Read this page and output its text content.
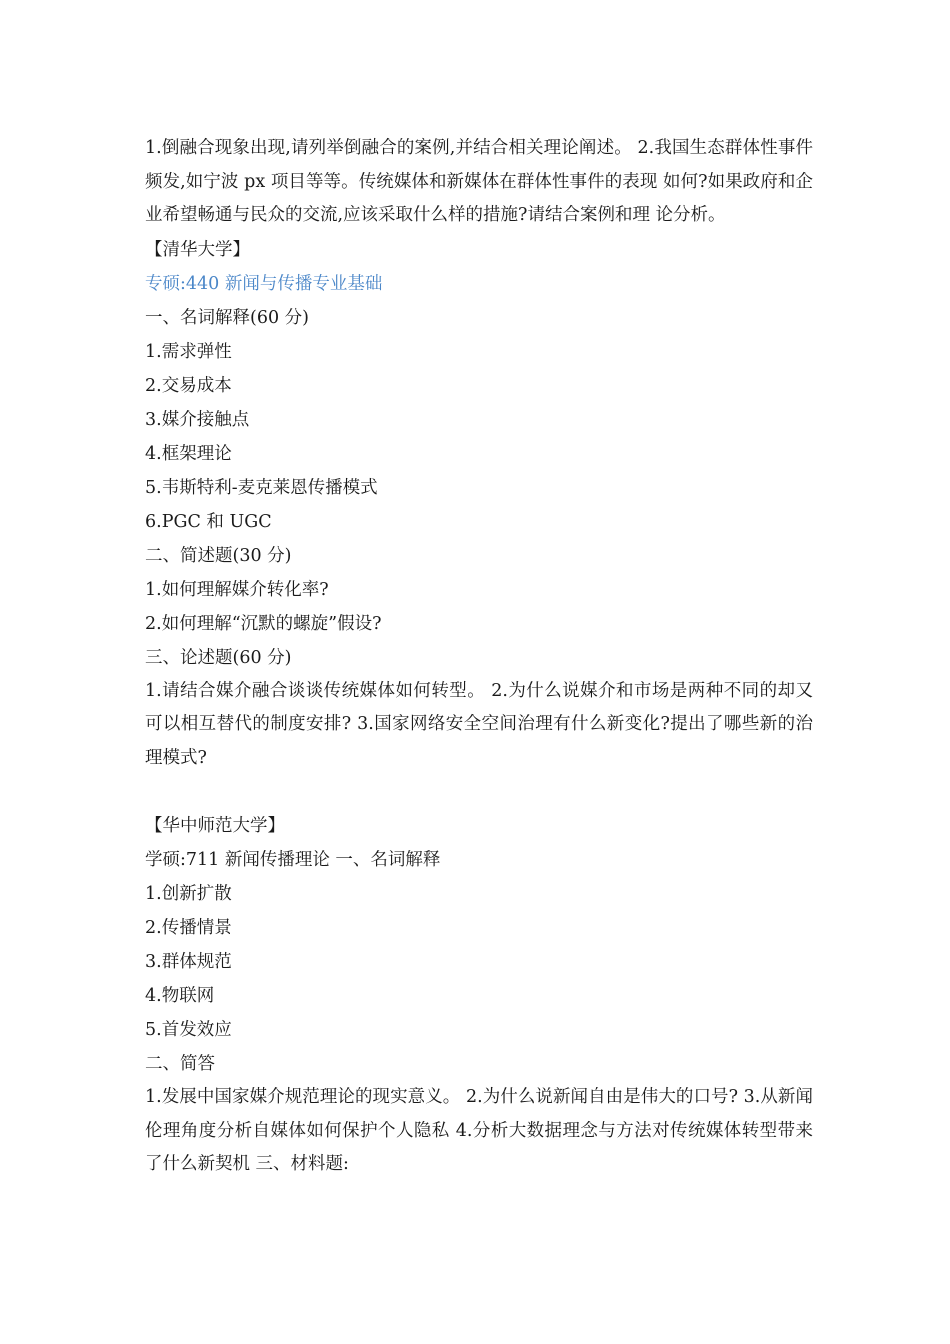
1.倒融合现象出现,请列举倒融合的案例,并结合相关理论阐述。 2.我国生态群体性事件频发,如宁波 px 项目等等。传统媒体和新媒体在群体性事件的表现 如何?如果政府和企业希望畅通与民众的交流,应该采取什么样的措施?请结合案例和理 论分析。
【清华大学】
专硕:440 新闻与传播专业基础
一、名词解释(60 分)
1.需求弹性
2.交易成本
3.媒介接触点
4.框架理论
5.韦斯特利-麦克莱恩传播模式
6.PGC 和 UGC
二、简述题(30 分)
1.如何理解媒介转化率?
2.如何理解“沉默的螺旋”假设?
三、论述题(60 分)
1.请结合媒介融合谈谈传统媒体如何转型。 2.为什么说媒介和市场是两种不同的却又可以相互替代的制度安排? 3.国家网络安全空间治理有什么新变化?提出了哪些新的治理模式?
【华中师范大学】
学硕:711 新闻传播理论 一、名词解释
1.创新扩散
2.传播情景
3.群体规范
4.物联网
5.首发效应
二、简答
1.发展中国家媒介规范理论的现实意义。 2.为什么说新闻自由是伟大的口号? 3.从新闻伦理角度分析自媒体如何保护个人隐私 4.分析大数据理念与方法对传统媒体转型带来了什么新契机 三、材料题:
